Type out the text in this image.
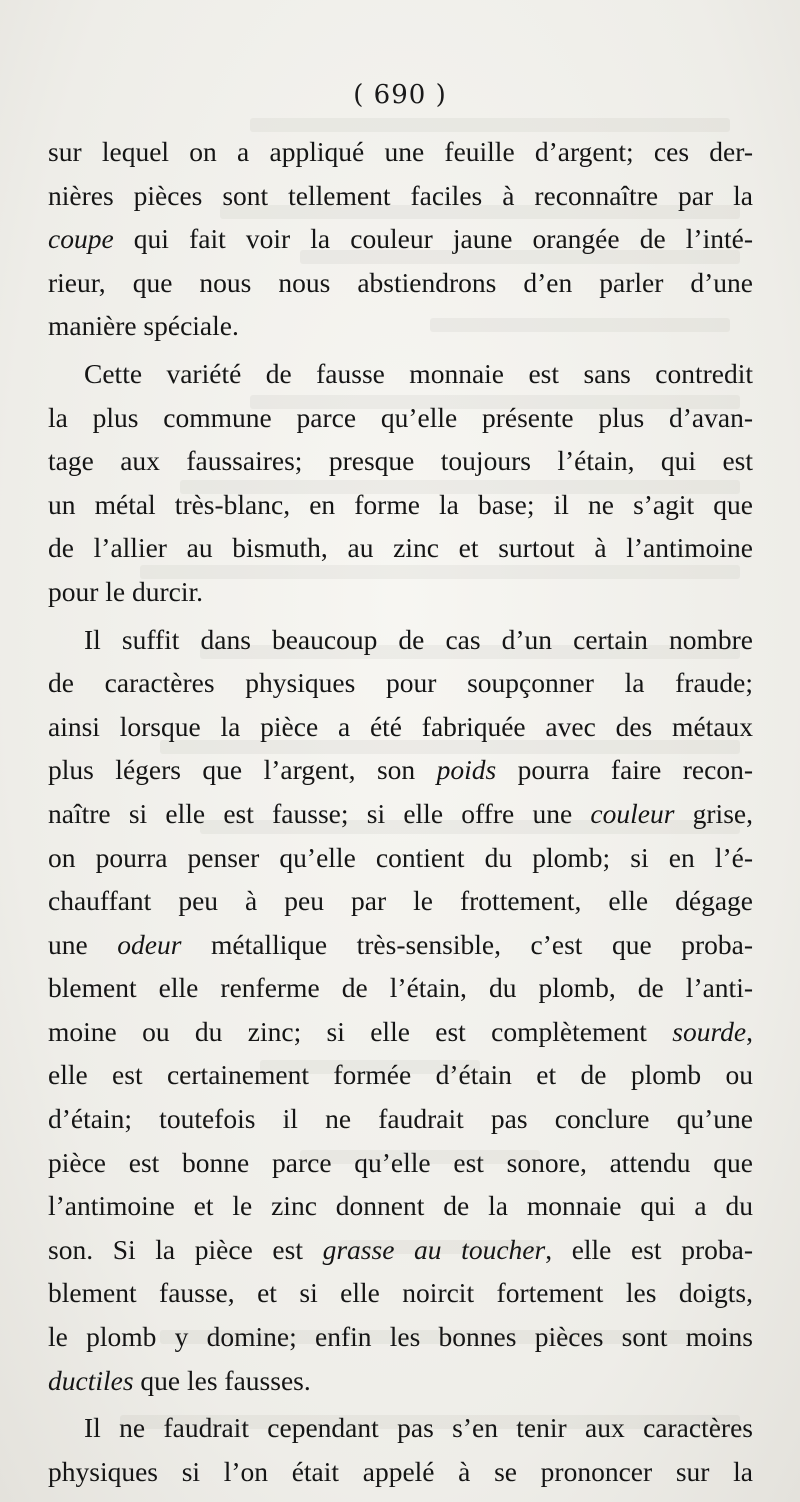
( 690 )
sur lequel on a appliqué une feuille d’argent; ces der-
nières pièces sont tellement faciles à reconnaître par la
coupe qui fait voir la couleur jaune orangée de l’inté-
rieur, que nous nous abstiendrons d’en parler d’une
manière spéciale.
Cette variété de fausse monnaie est sans contredit
la plus commune parce qu’elle présente plus d’avan-
tage aux faussaires; presque toujours l’étain, qui est
un métal très-blanc, en forme la base; il ne s’agit que
de l’allier au bismuth, au zinc et surtout à l’antimoine
pour le durcir.
Il suffit dans beaucoup de cas d’un certain nombre
de caractères physiques pour soupçonner la fraude;
ainsi lorsque la pièce a été fabriquée avec des métaux
plus légers que l’argent, son poids pourra faire recon-
naître si elle est fausse; si elle offre une couleur grise,
on pourra penser qu’elle contient du plomb; si en l’é-
chauffant peu à peu par le frottement, elle dégage
une odeur métallique très-sensible, c’est que proba-
blement elle renferme de l’étain, du plomb, de l’anti-
moine ou du zinc; si elle est complètement sourde,
elle est certainement formée d’étain et de plomb ou
d’étain; toutefois il ne faudrait pas conclure qu’une
pièce est bonne parce qu’elle est sonore, attendu que
l’antimoine et le zinc donnent de la monnaie qui a du
son. Si la pièce est grasse au toucher, elle est proba-
blement fausse, et si elle noircit fortement les doigts,
le plomb y domine; enfin les bonnes pièces sont moins
ductiles que les fausses.
Il ne faudrait cependant pas s’en tenir aux caractères
physiques si l’on était appelé à se prononcer sur la
